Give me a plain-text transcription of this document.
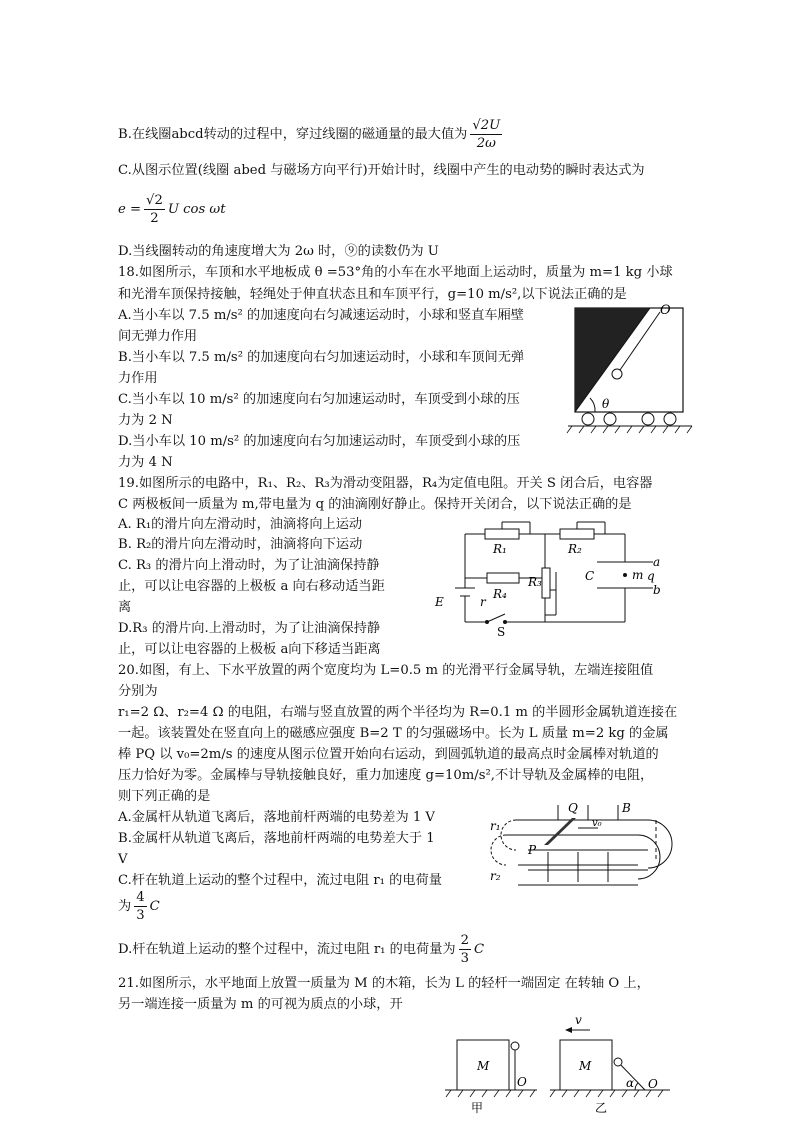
B.在线圈abcd转动的过程中，穿过线圈的磁通量的最大值为 $\frac{√2U}{2\omega}$
C.从图示位置(线圈 abed 与磁场方向平行)开始计时，线圈中产生的电动势的瞬时表达式为
$e = \frac{√2}{2}$ U cos ωt
D.当线圈转动的角速度增大为 2ω 时，⑨的读数仍为 U
18.如图所示，车顶和水平地板成 θ =53°角的小车在水平地面上运动时，质量为 m=1 kg 小球
和光滑车顶保持接触，轻绳处于伸直状态且和车顶平行，g=10 m/s²,以下说法正确的是
A.当小车以 7.5 m/s² 的加速度向右匀减速运动时，小球和竖直车厢壁
间无弹力作用
B.当小车以 7.5 m/s² 的加速度向右匀加速运动时，小球和车顶间无弹
力作用
C.当小车以 10 m/s² 的加速度向右匀加速运动时，车顶受到小球的压
力为 2 N
D.当小车以 10 m/s² 的加速度向右匀加速运动时，车顶受到小球的压
力为 4 N
θ
O
19.如图所示的电路中，R₁、R₂、R₃为滑动变阻器，R₄为定值电阻。开关 S 闭合后，电容器
C 两极板间一质量为 m,带电量为 q 的油滴刚好静止。保持开关闭合，以下说法正确的是
A. R₁的滑片向左滑动时，油滴将向上运动
B. R₂的滑片向左滑动时，油滴将向下运动
C. R₃ 的滑片向上滑动时，为了让油滴保持静
止，可以让电容器的上极板 a 向右移动适当距
离
D.R₃ 的滑片向.上滑动时，为了让油滴保持静
止，可以让电容器的上极板 a向下移适当距离
R₁	R₂
R₄
R₃	C	m q
a
b
E	r
S
20.如图，有上、下水平放置的两个宽度均为 L=0.5 m 的光滑平行金属导轨，左端连接阻值
分别为
r₁=2 Ω、r₂=4 Ω 的电阻，右端与竖直放置的两个半径均为 R=0.1 m 的半圆形金属轨道连接在
一起。该装置处在竖直向上的磁感应强度 B=2 T 的匀强磁场中。长为 L 质量 m=2 kg 的金属
棒 PQ 以 v₀=2m/s 的速度从图示位置开始向右运动，到圆弧轨道的最高点时金属棒对轨道的
压力恰好为零。金属棒与导轨接触良好，重力加速度 g=10m/s²,不计导轨及金属棒的电阻，
则下列正确的是
A.金属杆从轨道飞离后，落地前杆两端的电势差为 1 V
B.金属杆从轨道飞离后，落地前杆两端的电势差大于 1
V
C.杆在轨道上运动的整个过程中，流过电阻 r₁ 的电荷量
为 $\frac{4}{3}$ C
D.杆在轨道上运动的整个过程中，流过电阻 r₁ 的电荷量为 $\frac{2}{3}$ C
r₁
r₂
Q
P
B
v₀
21.如图所示，水平地面上放置一质量为 M 的木箱，长为 L 的轻杆一端固定 在转轴 O 上，
另一端连接一质量为 m 的可视为质点的小球，开
M
O
M
v
α O
甲	乙
